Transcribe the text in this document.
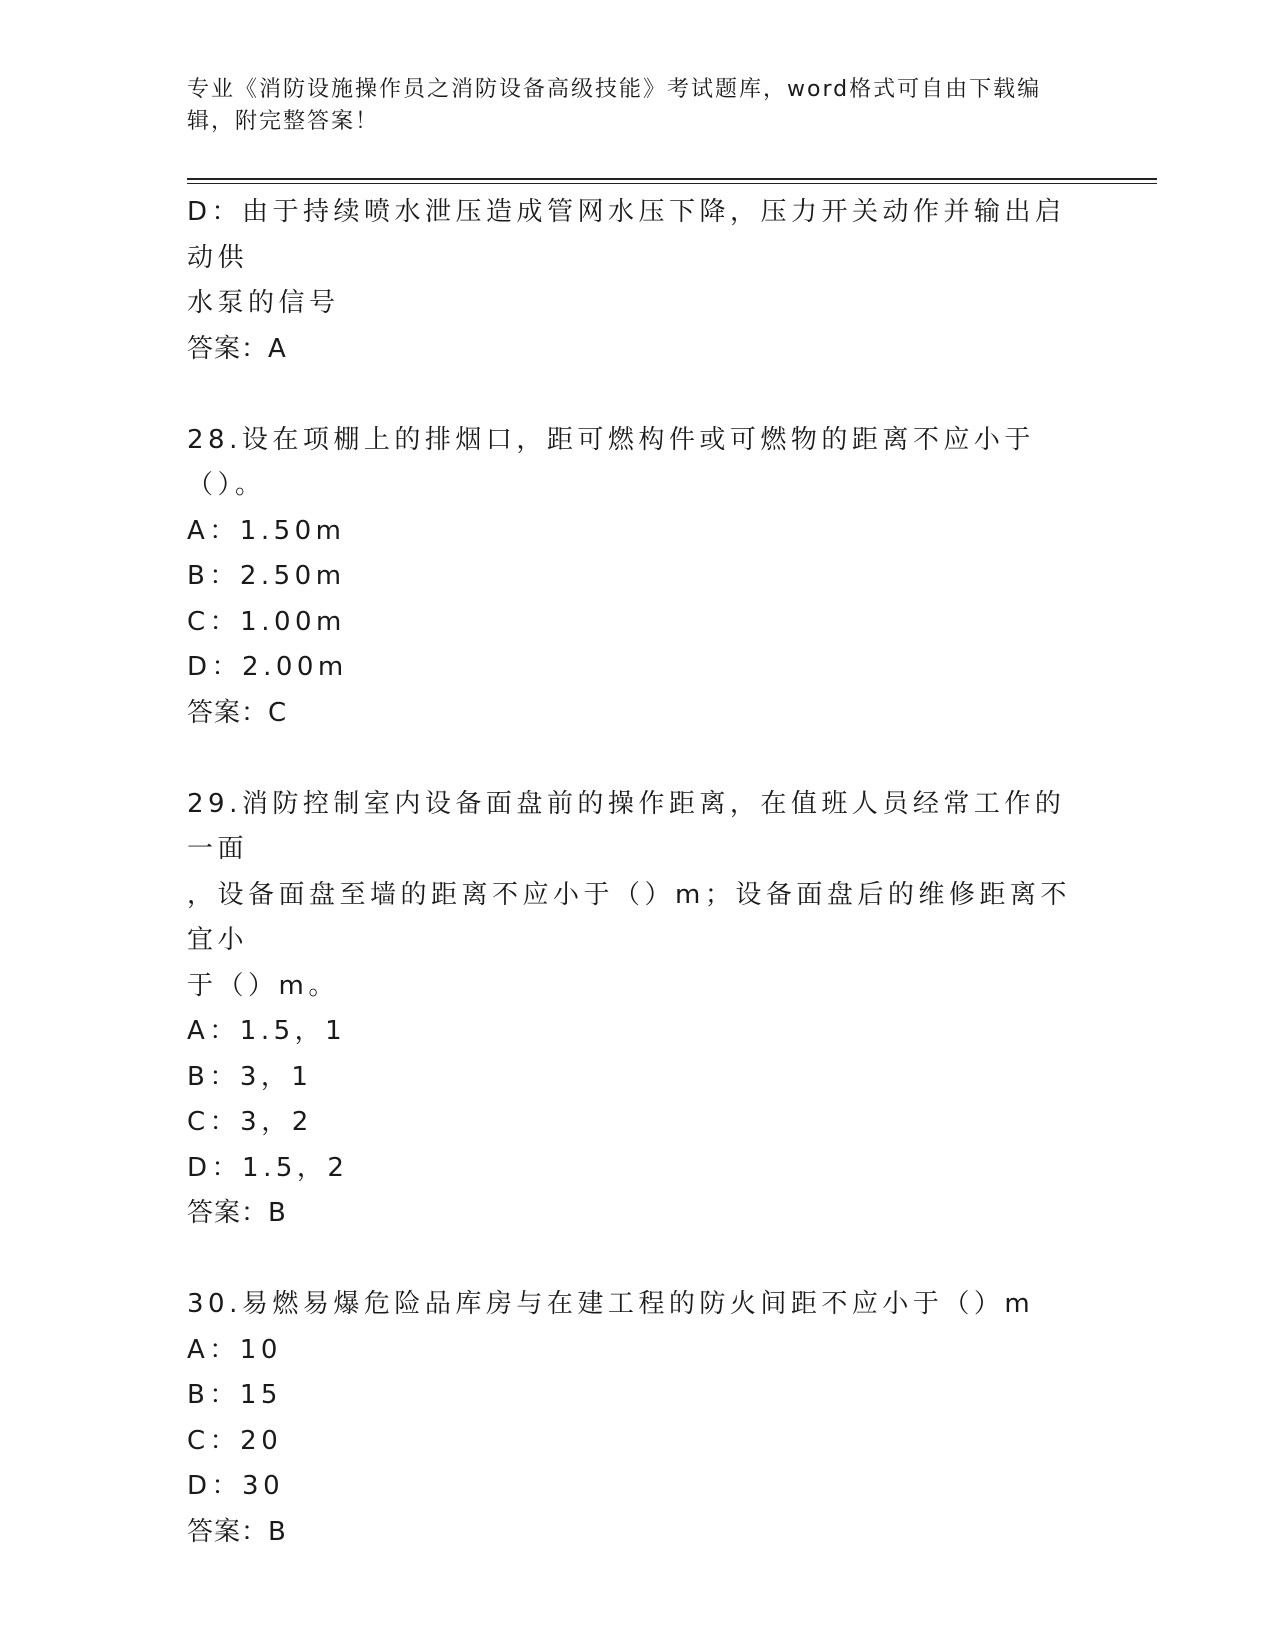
专业《消防设施操作员之消防设备高级技能》考试题库，word格式可自由下载编
辑，附完整答案！
D：由于持续喷水泄压造成管网水压下降，压力开关动作并输出启动供
水泵的信号
答案：A
28.设在项棚上的排烟口，距可燃构件或可燃物的距离不应小于（）。
A：1.50m
B：2.50m
C：1.00m
D：2.00m
答案：C
29.消防控制室内设备面盘前的操作距离，在值班人员经常工作的一面
，设备面盘至墙的距离不应小于（）m；设备面盘后的维修距离不宜小
于（）m。
A：1.5，1
B：3，1
C：3，2
D：1.5，2
答案：B
30.易燃易爆危险品库房与在建工程的防火间距不应小于（）m
A：10
B：15
C：20
D：30
答案：B
